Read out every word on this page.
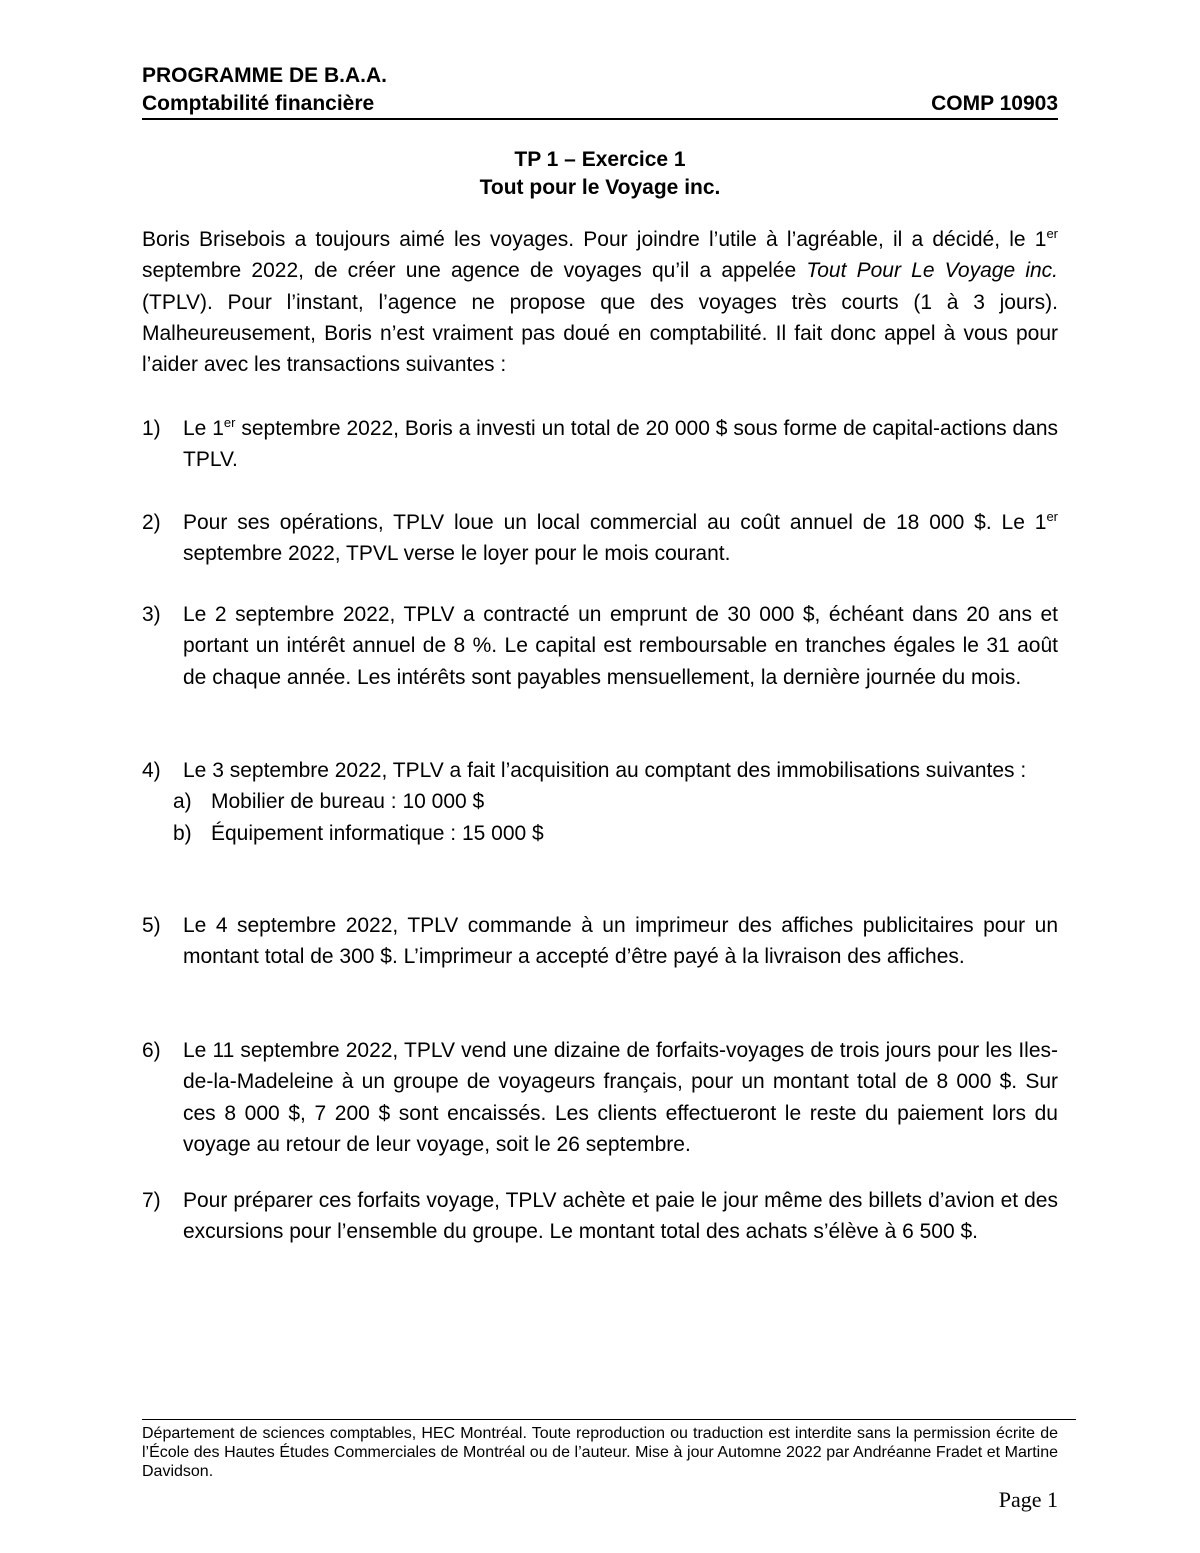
PROGRAMME DE B.A.A.
Comptabilité financière	COMP 10903
TP 1 – Exercice 1
Tout pour le Voyage inc.
Boris Brisebois a toujours aimé les voyages. Pour joindre l’utile à l’agréable, il a décidé, le 1er septembre 2022, de créer une agence de voyages qu’il a appelée Tout Pour Le Voyage inc. (TPLV). Pour l’instant, l’agence ne propose que des voyages très courts (1 à 3 jours). Malheureusement, Boris n’est vraiment pas doué en comptabilité. Il fait donc appel à vous pour l’aider avec les transactions suivantes :
1) Le 1er septembre 2022, Boris a investi un total de 20 000 $ sous forme de capital-actions dans TPLV.
2) Pour ses opérations, TPLV loue un local commercial au coût annuel de 18 000 $. Le 1er septembre 2022, TPVL verse le loyer pour le mois courant.
3) Le 2 septembre 2022, TPLV a contracté un emprunt de 30 000 $, échéant dans 20 ans et portant un intérêt annuel de 8 %. Le capital est remboursable en tranches égales le 31 août de chaque année. Les intérêts sont payables mensuellement, la dernière journée du mois.
4) Le 3 septembre 2022, TPLV a fait l’acquisition au comptant des immobilisations suivantes :
a) Mobilier de bureau : 10 000 $
b) Équipement informatique : 15 000 $
5) Le 4 septembre 2022, TPLV commande à un imprimeur des affiches publicitaires pour un montant total de 300 $. L’imprimeur a accepté d’être payé à la livraison des affiches.
6) Le 11 septembre 2022, TPLV vend une dizaine de forfaits-voyages de trois jours pour les Iles-de-la-Madeleine à un groupe de voyageurs français, pour un montant total de 8 000 $. Sur ces 8 000 $, 7 200 $ sont encaissés. Les clients effectueront le reste du paiement lors du voyage au retour de leur voyage, soit le 26 septembre.
7) Pour préparer ces forfaits voyage, TPLV achète et paie le jour même des billets d’avion et des excursions pour l’ensemble du groupe. Le montant total des achats s’élève à 6 500 $.
Département de sciences comptables, HEC Montréal. Toute reproduction ou traduction est interdite sans la permission écrite de l’École des Hautes Études Commerciales de Montréal ou de l’auteur. Mise à jour Automne 2022 par Andréanne Fradet et Martine Davidson.
Page 1
